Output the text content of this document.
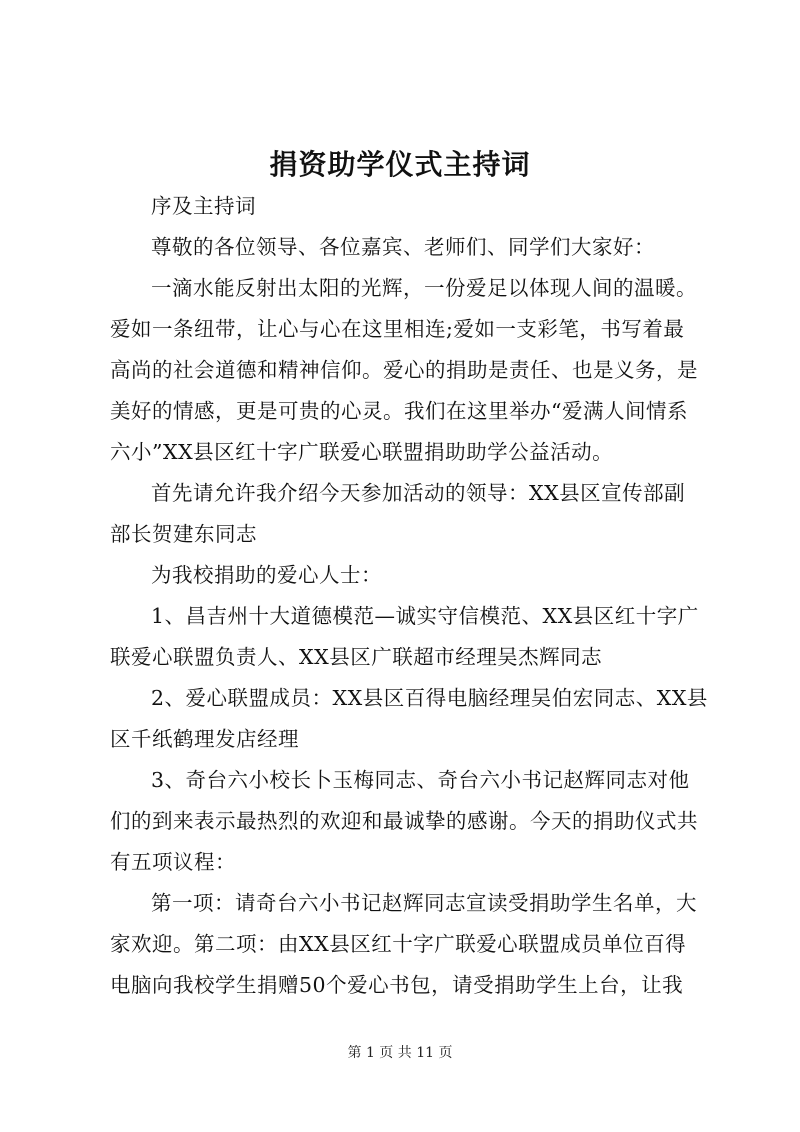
捐资助学仪式主持词
序及主持词
尊敬的各位领导、各位嘉宾、老师们、同学们大家好：
一滴水能反射出太阳的光辉，一份爱足以体现人间的温暖。
爱如一条纽带，让心与心在这里相连;爱如一支彩笔，书写着最
高尚的社会道德和精神信仰。爱心的捐助是责任、也是义务，是
美好的情感，更是可贵的心灵。我们在这里举办“爱满人间情系
六小”XX县区红十字广联爱心联盟捐助助学公益活动。
首先请允许我介绍今天参加活动的领导：XX县区宣传部副
部长贺建东同志
为我校捐助的爱心人士：
1、昌吉州十大道德模范—诚实守信模范、XX县区红十字广
联爱心联盟负责人、XX县区广联超市经理吴杰辉同志
2、爱心联盟成员：XX县区百得电脑经理吴伯宏同志、XX县
区千纸鹤理发店经理
3、奇台六小校长卜玉梅同志、奇台六小书记赵辉同志对他
们的到来表示最热烈的欢迎和最诚挚的感谢。今天的捐助仪式共
有五项议程：
第一项：请奇台六小书记赵辉同志宣读受捐助学生名单，大
家欢迎。第二项：由XX县区红十字广联爱心联盟成员单位百得
电脑向我校学生捐赠50个爱心书包，请受捐助学生上台，让我
第 1 页 共 11 页
